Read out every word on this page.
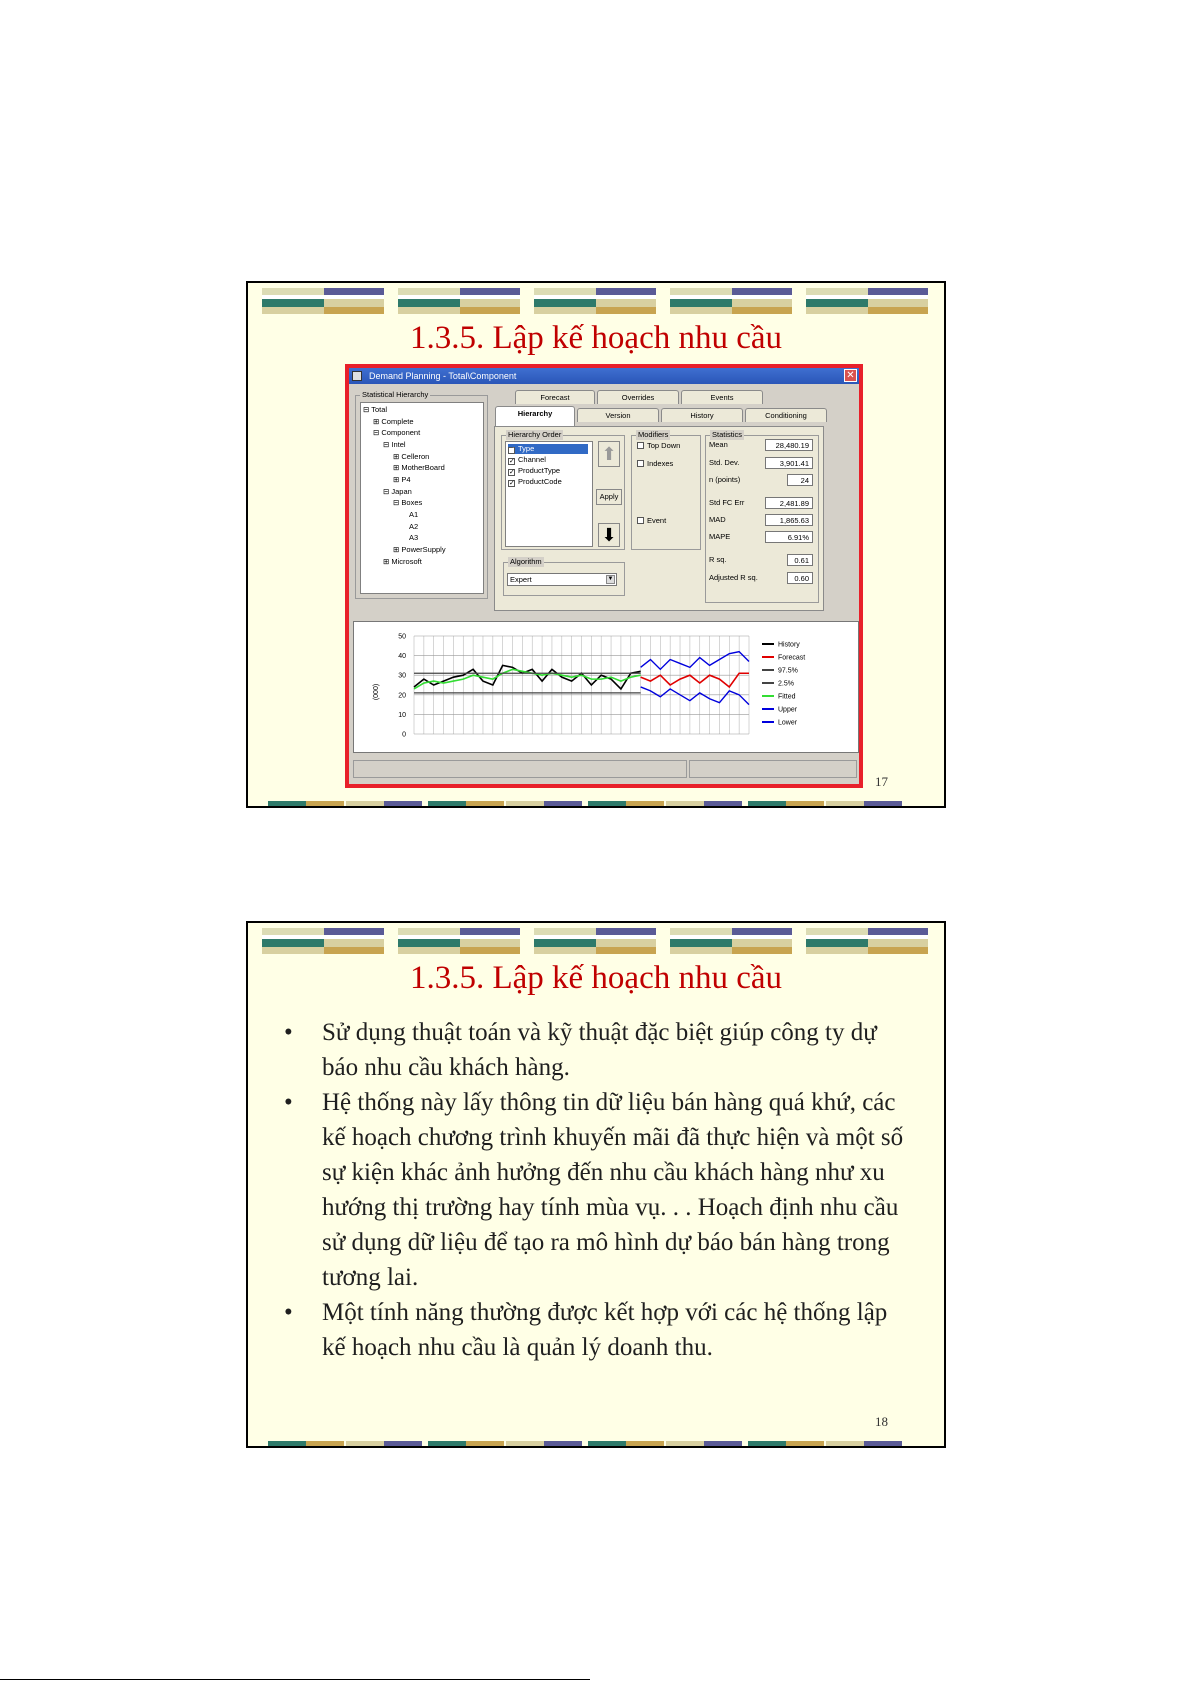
1.3.5. Lập kế hoạch nhu cầu
Demand Planning - Total\Component	✕
Statistical Hierarchy
⊟ Total
⊞ Complete
⊟ Component
⊟ Intel
⊞ Celleron
⊞ MotherBoard
⊞ P4
⊟ Japan
⊟ Boxes
A1
A2
A3
⊞ PowerSupply
⊞ Microsoft
Forecast	Overrides	Events
Hierarchy	Version	History	Conditioning
Hierarchy Order
✓ Type
✓ Channel
✓ ProductType
✓ ProductCode
⬆
Apply
⬇
Algorithm
Expert	▼
Modifiers
Top Down
Indexes
Event
Statistics
Mean	28,480.19
Std. Dev.	3,901.41
n (points)	24
Std FC Err	2,481.89
MAD	1,865.63
MAPE	6.91%
R sq.	0.61
Adjusted R sq.	0.60
0
10
20
30
40
50
(000)
History
Forecast
97.5%
2.5%
Fitted
Upper
Lower
17
1.3.5. Lập kế hoạch nhu cầu
• Sử dụng thuật toán và kỹ thuật đặc biệt giúp công ty dự báo nhu cầu khách hàng.
• Hệ thống này lấy thông tin dữ liệu bán hàng quá khứ, các kế hoạch chương trình khuyến mãi đã thực hiện và một số sự kiện khác ảnh hưởng đến nhu cầu khách hàng như xu hướng thị trường hay tính mùa vụ. . . Hoạch định nhu cầu sử dụng dữ liệu để tạo ra mô hình dự báo bán hàng trong tương lai.
• Một tính năng thường được kết hợp với các hệ thống lập kế hoạch nhu cầu là quản lý doanh thu.
18
